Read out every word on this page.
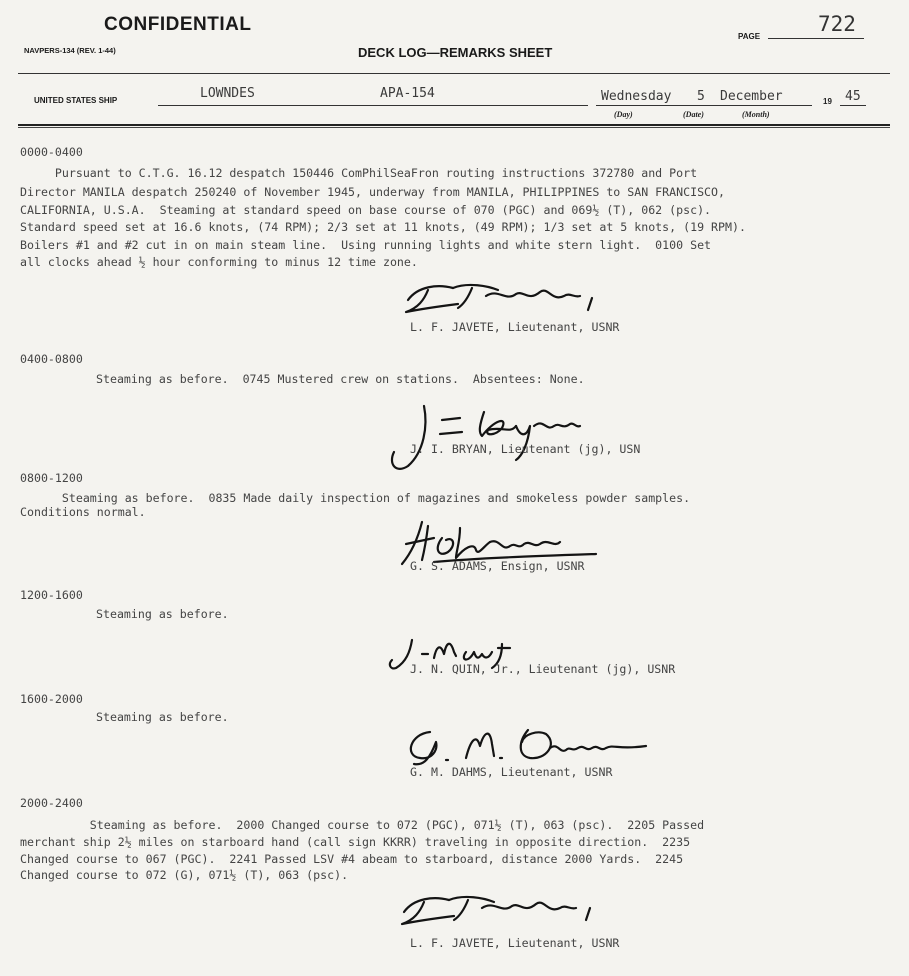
CONFIDENTIAL
NAVPERS-134 (REV. 1-44)	DECK LOG—REMARKS SHEET
PAGE
722
UNITED STATES SHIP	LOWNDES	APA-154	Wednesday 5 December	19 45
(Day)	(Date)	(Month)
0000-0400
Pursuant to C.T.G. 16.12 despatch 150446 ComPhilSeaFron routing instructions 372780 and Port
Director MANILA despatch 250240 of November 1945, underway from MANILA, PHILIPPINES to SAN FRANCISCO,
CALIFORNIA, U.S.A.  Steaming at standard speed on base course of 070 (PGC) and 069½ (T), 062 (psc).
Standard speed set at 16.6 knots, (74 RPM); 2/3 set at 11 knots, (49 RPM); 1/3 set at 5 knots, (19 RPM).
Boilers #1 and #2 cut in on main steam line.  Using running lights and white stern light.  0100 Set
all clocks ahead ½ hour conforming to minus 12 time zone.
L. F. JAVETE, Lieutenant, USNR
0400-0800
Steaming as before.  0745 Mustered crew on stations.  Absentees: None.
J. I. BRYAN, Lieutenant (jg), USN
0800-1200
Steaming as before.  0835 Made daily inspection of magazines and smokeless powder samples.
Conditions normal.
G. S. ADAMS, Ensign, USNR
1200-1600
Steaming as before.
J. N. QUIN, Jr., Lieutenant (jg), USNR
1600-2000
Steaming as before.
G. M. DAHMS, Lieutenant, USNR
2000-2400
Steaming as before.  2000 Changed course to 072 (PGC), 071½ (T), 063 (psc).  2205 Passed
merchant ship 2½ miles on starboard hand (call sign KKRR) traveling in opposite direction.  2235
Changed course to 067 (PGC).  2241 Passed LSV #4 abeam to starboard, distance 2000 Yards.  2245
Changed course to 072 (G), 071½ (T), 063 (psc).
L. F. JAVETE, Lieutenant, USNR
